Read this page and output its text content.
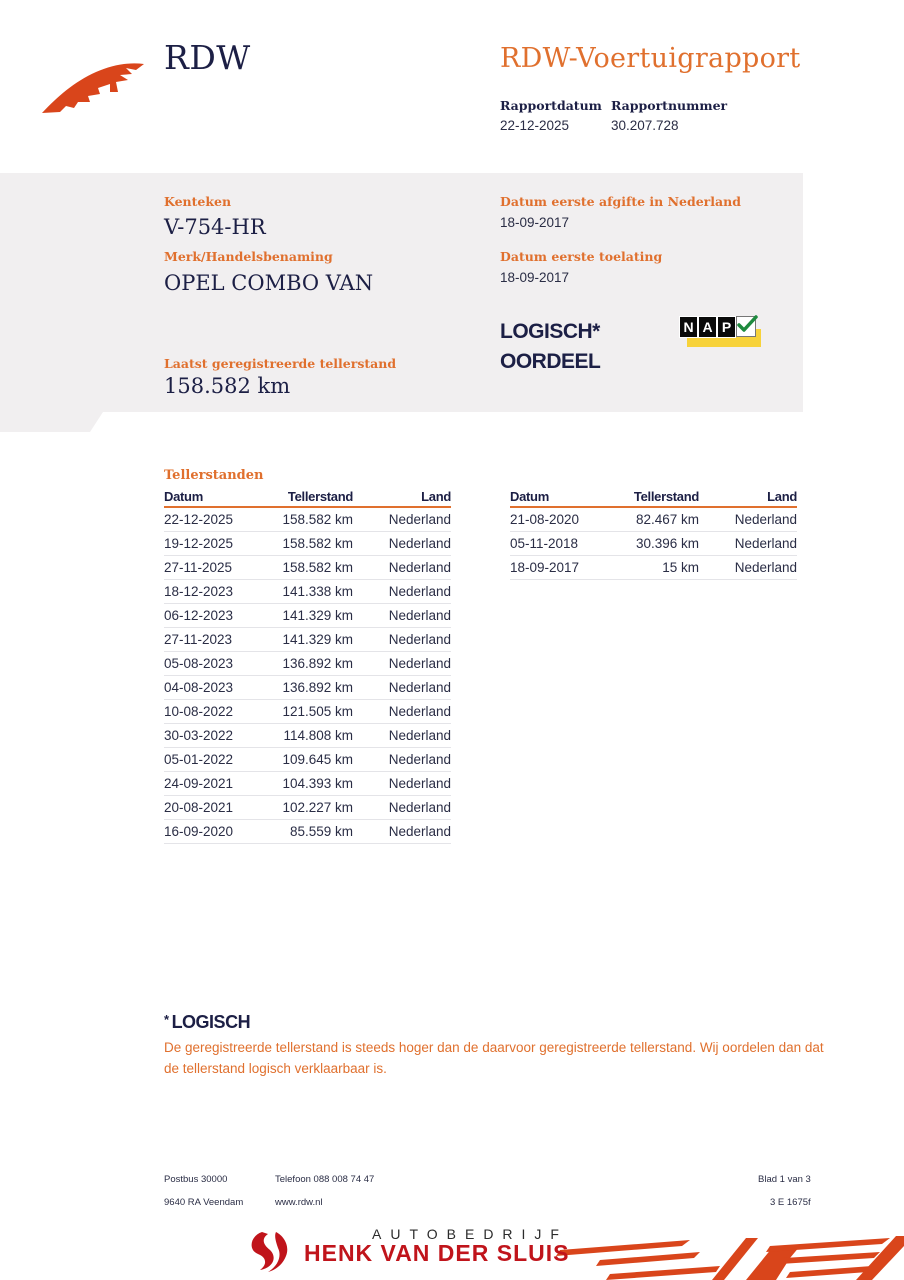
RDW	RDW-Voertuigrapport
Rapportdatum
22-12-2025
Rapportnummer
30.207.728
Kenteken
V-754-HR
Merk/Handelsbenaming
OPEL COMBO VAN
Laatst geregistreerde tellerstand
158.582 km
Datum eerste afgifte in Nederland
18-09-2017
Datum eerste toelating
18-09-2017
LOGISCH*
OORDEEL
N A P
Tellerstanden
Datum	Tellerstand	Land
22-12-2025	158.582 km	Nederland
19-12-2025	158.582 km	Nederland
27-11-2025	158.582 km	Nederland
18-12-2023	141.338 km	Nederland
06-12-2023	141.329 km	Nederland
27-11-2023	141.329 km	Nederland
05-08-2023	136.892 km	Nederland
04-08-2023	136.892 km	Nederland
10-08-2022	121.505 km	Nederland
30-03-2022	114.808 km	Nederland
05-01-2022	109.645 km	Nederland
24-09-2021	104.393 km	Nederland
20-08-2021	102.227 km	Nederland
16-09-2020	85.559 km	Nederland
Datum	Tellerstand	Land
21-08-2020	82.467 km	Nederland
05-11-2018	30.396 km	Nederland
18-09-2017	15 km	Nederland
* LOGISCH
De geregistreerde tellerstand is steeds hoger dan de daarvoor geregistreerde tellerstand. Wij oordelen dan dat de tellerstand logisch verklaarbaar is.
Postbus 30000
9640 RA Veendam
Telefoon 088 008 74 47
www.rdw.nl
Blad 1 van 3
3 E 1675f
AUTOBEDRIJF
HENK VAN DER SLUIS
